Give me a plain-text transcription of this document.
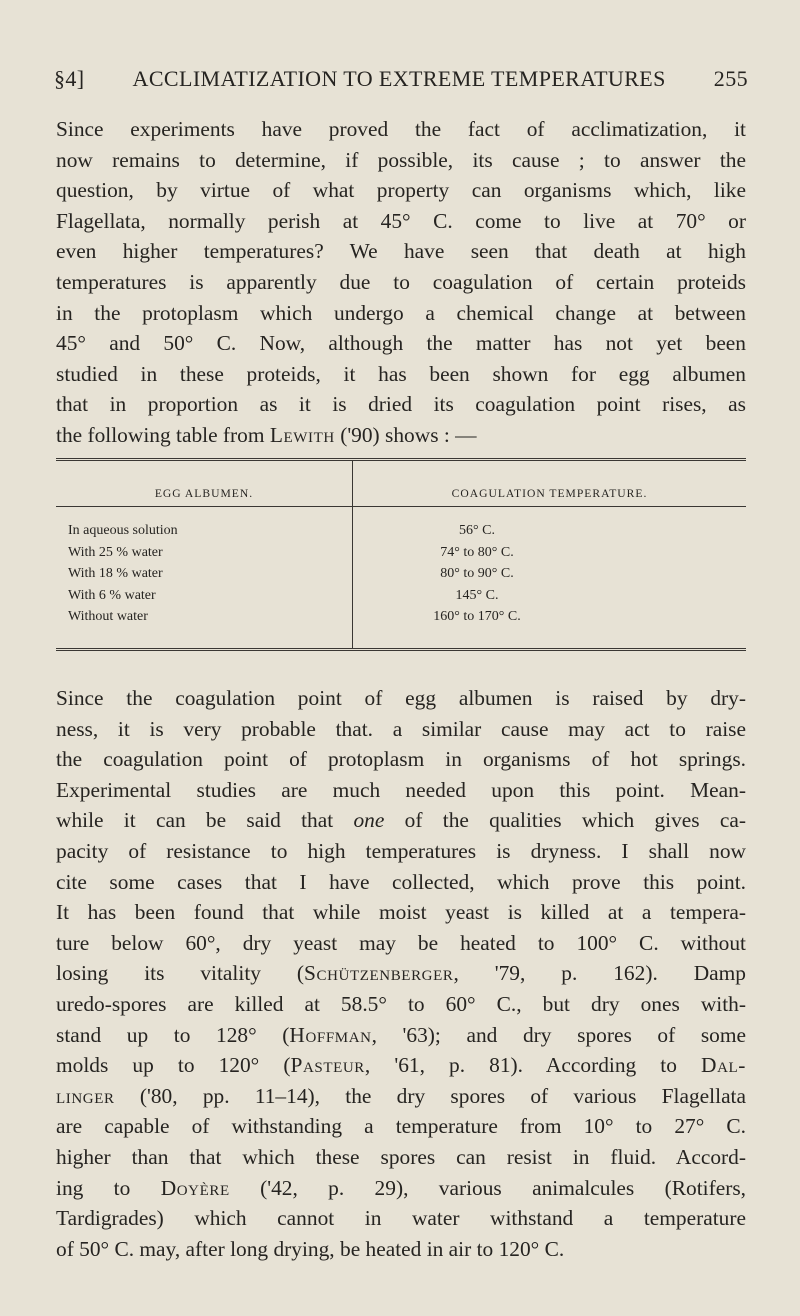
§4]	ACCLIMATIZATION TO EXTREME TEMPERATURES	255
Since experiments have proved the fact of acclimatization, it
now remains to determine, if possible, its cause ; to answer the
question, by virtue of what property can organisms which, like
Flagellata, normally perish at 45° C. come to live at 70° or
even higher temperatures? We have seen that death at high
temperatures is apparently due to coagulation of certain proteids
in the protoplasm which undergo a chemical change at between
45° and 50° C. Now, although the matter has not yet been
studied in these proteids, it has been shown for egg albumen
that in proportion as it is dried its coagulation point rises, as
the following table from Lewith ('90) shows : —
EGG ALBUMEN.	COAGULATION TEMPERATURE.
In aqueous solution	56° C.
With 25 % water	74° to 80° C.
With 18 % water	80° to 90° C.
With 6 % water	145° C.
Without water	160° to 170° C.
Since the coagulation point of egg albumen is raised by dry-
ness, it is very probable that. a similar cause may act to raise
the coagulation point of protoplasm in organisms of hot springs.
Experimental studies are much needed upon this point. Mean-
while it can be said that one of the qualities which gives ca-
pacity of resistance to high temperatures is dryness. I shall now
cite some cases that I have collected, which prove this point.
It has been found that while moist yeast is killed at a tempera-
ture below 60°, dry yeast may be heated to 100° C. without
losing its vitality (Schützenberger, '79, p. 162). Damp
uredo-spores are killed at 58.5° to 60° C., but dry ones with-
stand up to 128° (Hoffman, '63); and dry spores of some
molds up to 120° (Pasteur, '61, p. 81). According to Dal-
linger ('80, pp. 11–14), the dry spores of various Flagellata
are capable of withstanding a temperature from 10° to 27° C.
higher than that which these spores can resist in fluid. Accord-
ing to Doyère ('42, p. 29), various animalcules (Rotifers,
Tardigrades) which cannot in water withstand a temperature
of 50° C. may, after long drying, be heated in air to 120° C.
